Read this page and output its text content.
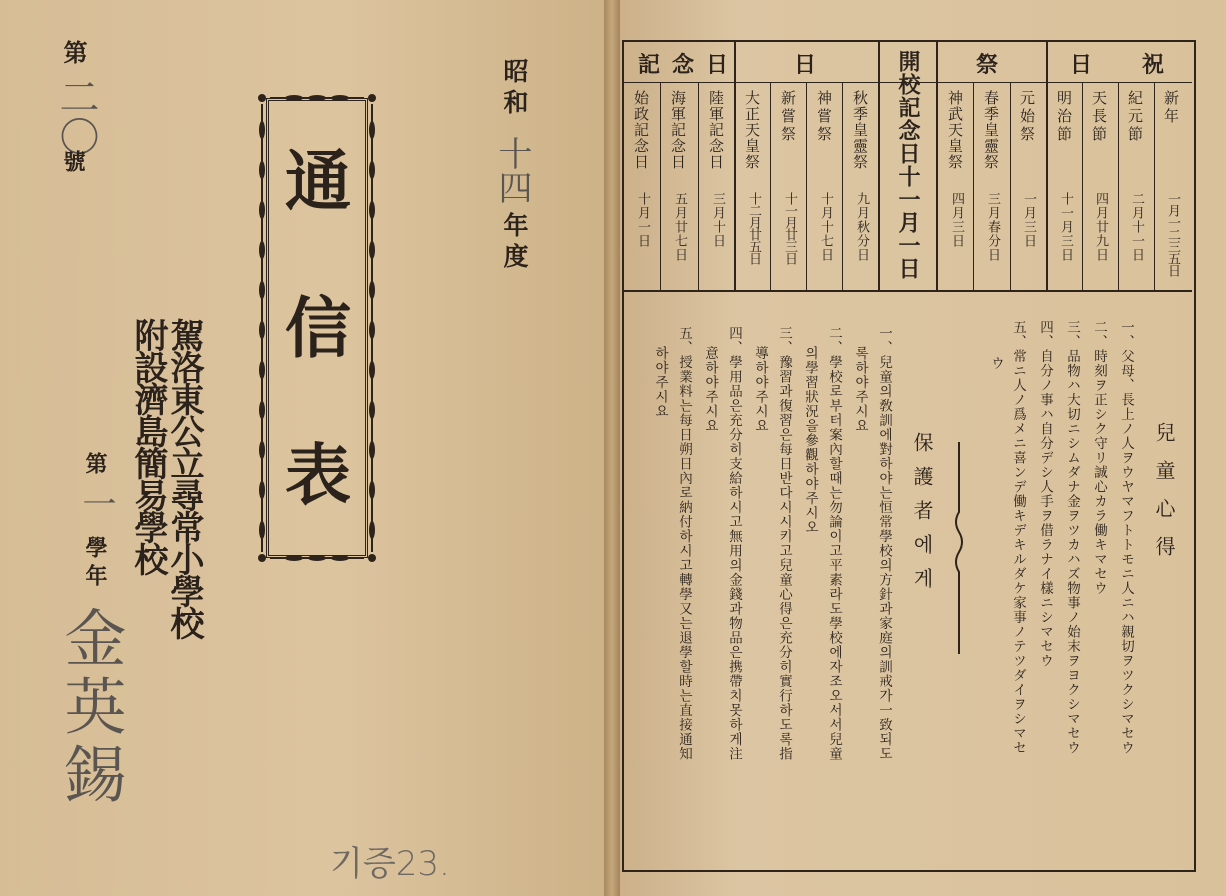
第
二〇
號
昭和
十四
年度
通
信
表
駕洛東公立尋常小學校
附設濟島簡易學校
第
一
學年
金英錫
기증23.
祝
日
祭
日
記念日	開校記念日十一月一日	新年
紀元節
天長節
明治節
元始祭
春季皇靈祭
神武天皇祭
秋季皇靈祭
神嘗祭
新嘗祭
大正天皇祭
陸軍記念日
海軍記念日
始政記念日
一月一二三五日
二月十一日
四月廿九日
十一月三日
一月三日
三月春分日
四月三日
九月秋分日
十月十七日
十一月廿三日
十二月廿五日
三月十日
五月廿七日
十月一日
兒童心得
一、父母、長上ノ人ヲウヤマフトトモニ人ニハ親切ヲツクシマセウ
二、時刻ヲ正シク守リ誠心カラ働キマセウ
三、品物ハ大切ニシムダナ金ヲツカハズ物事ノ始末ヲヨクシマセウ
四、自分ノ事ハ自分デシ人手ヲ借ラナイ樣ニシマセウ
五、常ニ人ノ爲メニ喜ンデ働キデキルダケ家事ノテツダイヲシマセ
ウ
保護者에게
一、兒童의敎訓에對하야는恒常學校의方針과家庭의訓戒가一致되도
록하야주시요
二、學校로부터案內할때는勿論이고平素라도學校에자조오서서兒童
의學習狀況을參觀하야주시오
三、豫習과復習은每日반다시시키고兒童心得은充分히實行하도록指
導하야주시요
四、學用品은充分히支給하시고無用의金錢과物品은携帶치못하게注
意하야주시요
五、授業料는每日朔日內로納付하시고轉學又는退學할時는直接通知
하야주시요
